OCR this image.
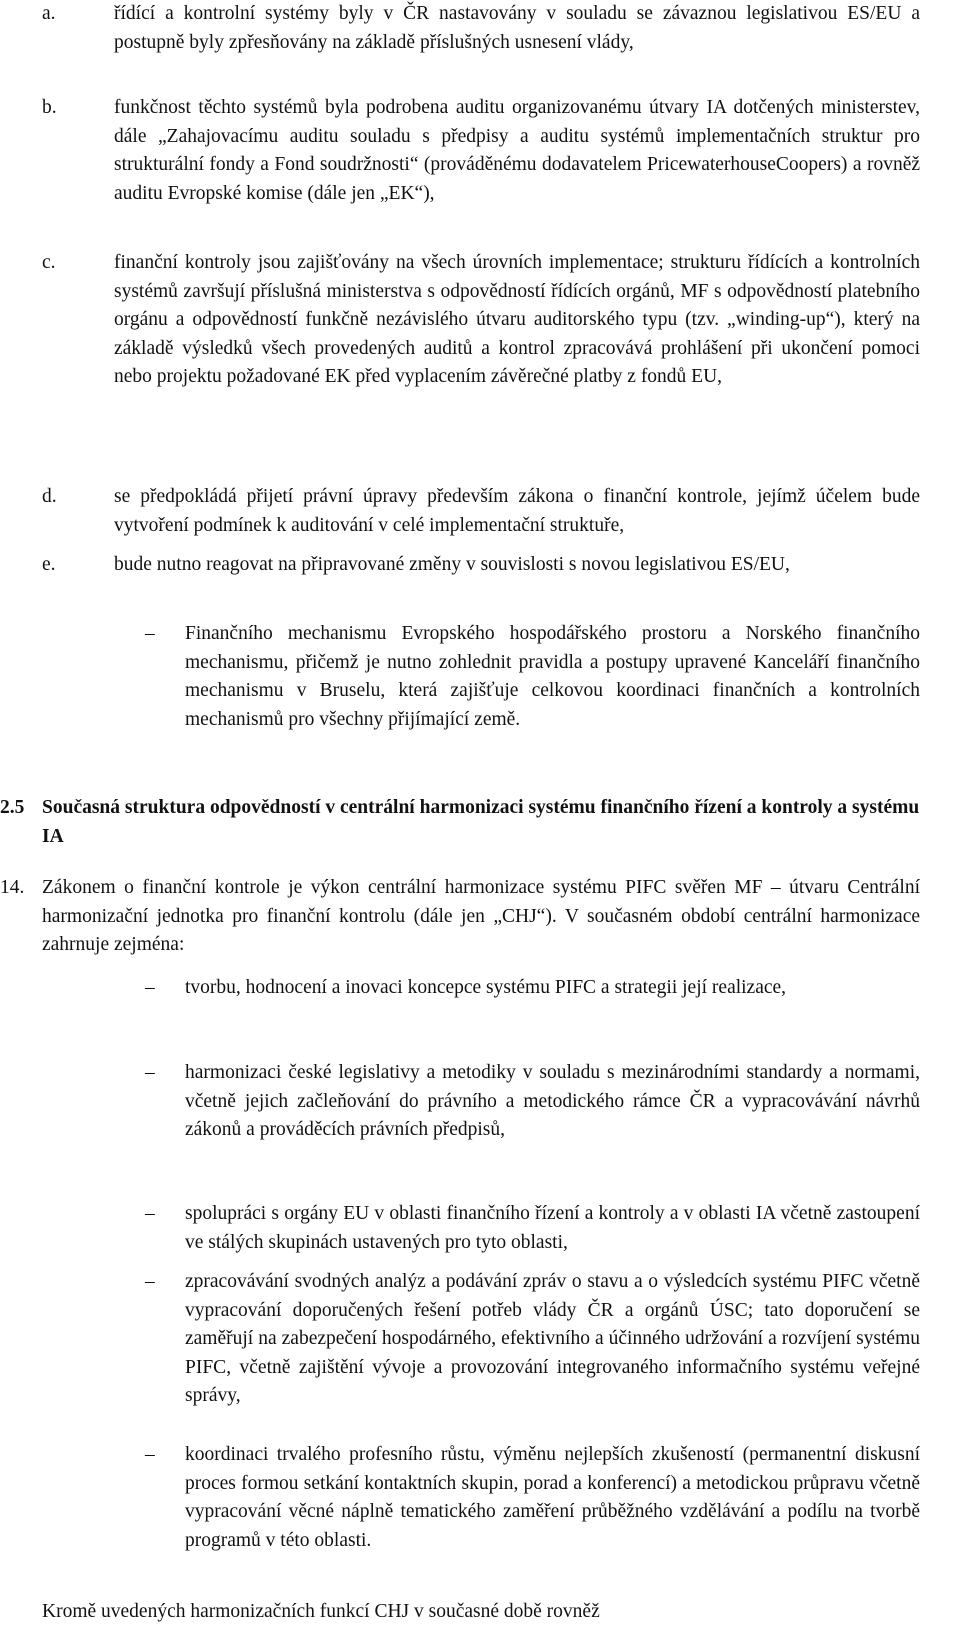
a.	řídící a kontrolní systémy byly v ČR nastavovány v souladu se závaznou legislativou ES/EU a postupně byly zpřesňovány na základě příslušných usnesení vlády,
b.	funkčnost těchto systémů byla podrobena auditu organizovanému útvary IA dotčených ministerstev, dále „Zahajovacímu auditu souladu s předpisy a auditu systémů implementačních struktur pro strukturální fondy a Fond soudržnosti“ (prováděnému dodavatelem PricewaterhouseCoopers) a rovněž auditu Evropské komise (dále jen „EK“),
c.	finanční kontroly jsou zajišťovány na všech úrovních implementace; strukturu řídících a kontrolních systémů završují příslušná ministerstva s odpovědností řídících orgánů, MF s odpovědností platebního orgánu a odpovědností funkčně nezávislého útvaru auditorského typu (tzv. „winding-up“), který na základě výsledků všech provedených auditů a kontrol zpracovává prohlášení při ukončení pomoci nebo projektu požadované EK před vyplacením závěrečné platby z fondů EU,
d.	se předpokládá přijetí právní úpravy především zákona o finanční kontrole, jejímž účelem bude vytvoření podmínek k auditování v celé implementační struktuře,
e.	bude nutno reagovat na připravované změny v souvislosti s novou legislativou ES/EU,
– Finančního mechanismu Evropského hospodářského prostoru a Norského finančního mechanismu, přičemž je nutno zohlednit pravidla a postupy upravené Kanceláří finančního mechanismu v Bruselu, která zajišťuje celkovou koordinaci finančních a kontrolních mechanismů pro všechny přijímající země.
2.5 Současná struktura odpovědností v centrální harmonizaci systému finančního řízení a kontroly a systému IA
14. Zákonem o finanční kontrole je výkon centrální harmonizace systému PIFC svěřen MF – útvaru Centrální harmonizační jednotka pro finanční kontrolu (dále jen „CHJ“). V současném období centrální harmonizace zahrnuje zejména:
– tvorbu, hodnocení a inovaci koncepce systému PIFC a strategii její realizace,
– harmonizaci české legislativy a metodiky v souladu s mezinárodními standardy a normami, včetně jejich začleňování do právního a metodického rámce ČR a vypracovávání návrhů zákonů a prováděcích právních předpisů,
– spolupráci s orgány EU v oblasti finančního řízení a kontroly a v oblasti IA včetně zastoupení ve stálých skupinách ustavených pro tyto oblasti,
– zpracovávání svodných analýz a podávání zpráv o stavu a o výsledcích systému PIFC včetně vypracování doporučených řešení potřeb vlády ČR a orgánů ÚSC; tato doporučení se zaměřují na zabezpečení hospodárného, efektivního a účinného udržování a rozvíjení systému PIFC, včetně zajištění vývoje a provozování integrovaného informačního systému veřejné správy,
– koordinaci trvalého profesního růstu, výměnu nejlepších zkušeností (permanentní diskusní proces formou setkání kontaktních skupin, porad a konferencí) a metodickou průpravu včetně vypracování věcné náplně tematického zaměření průběžného vzdělávání a podílu na tvorbě programů v této oblasti.
Kromě uvedených harmonizačních funkcí CHJ v současné době rovněž
